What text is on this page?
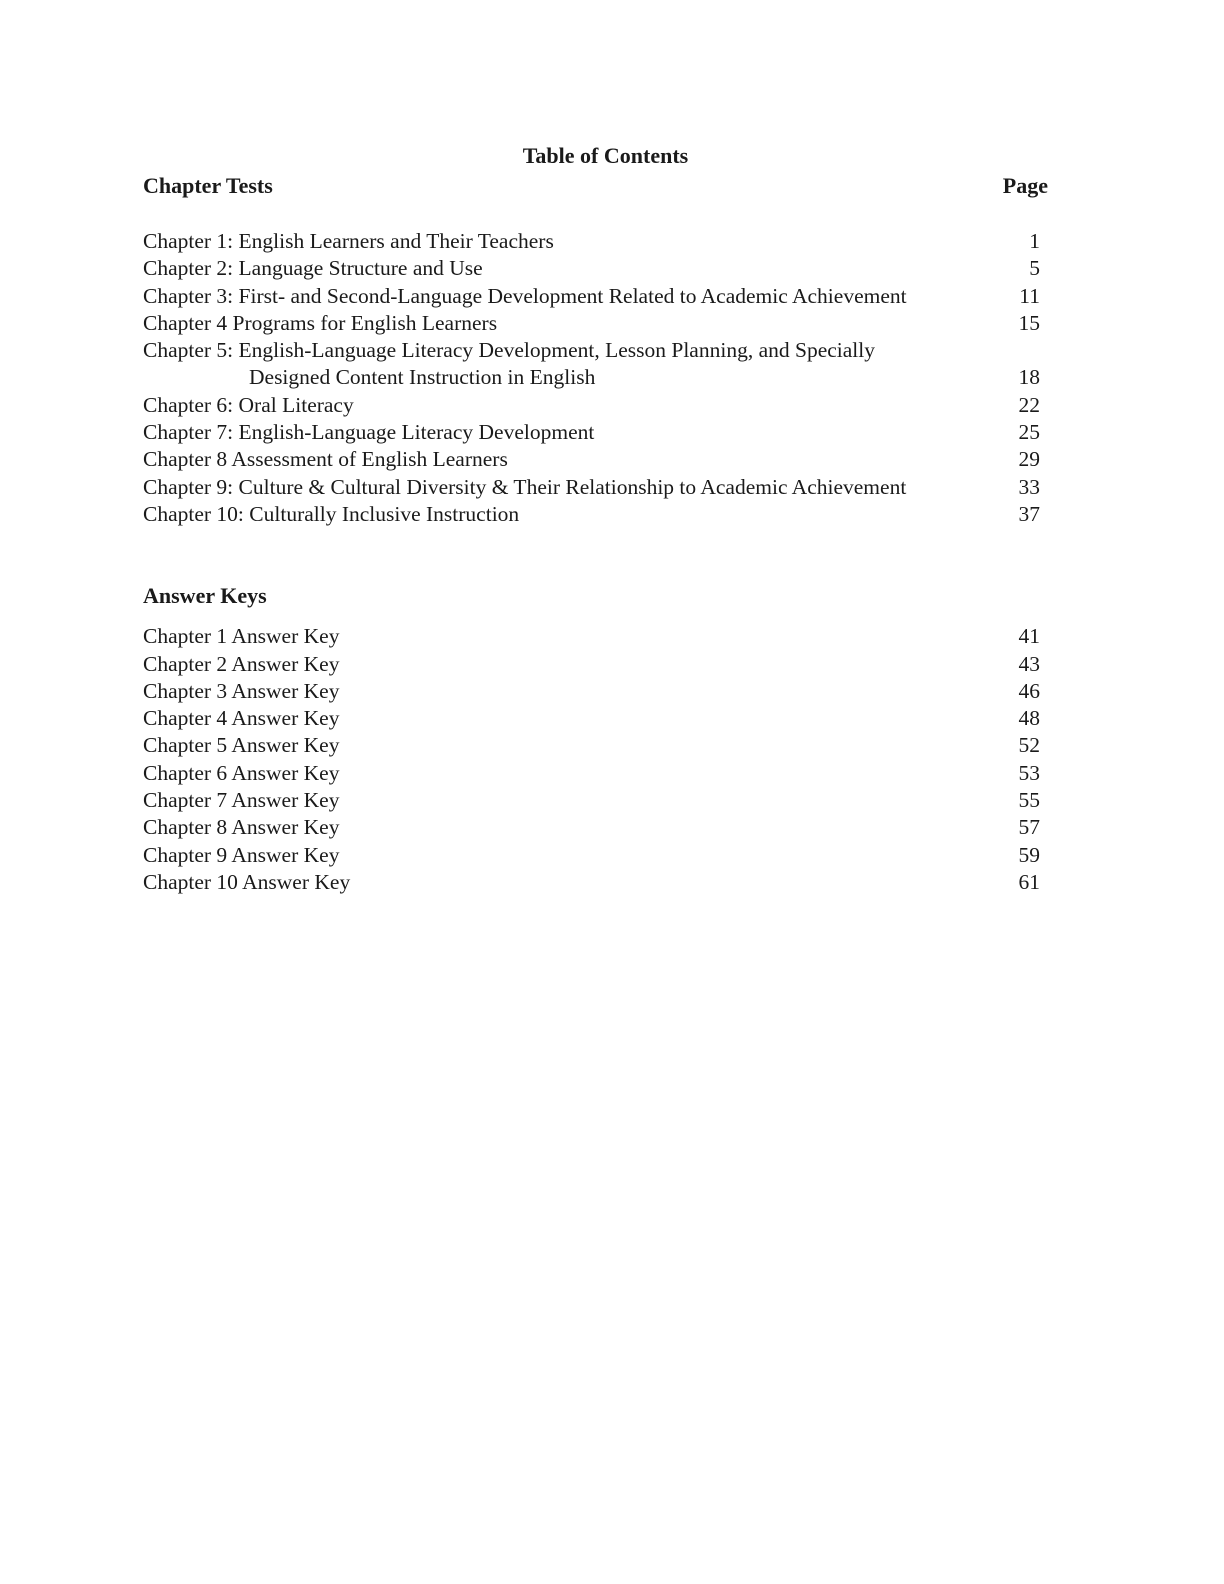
Table of Contents
Chapter Tests	Page
Chapter 1: English Learners and Their Teachers	1
Chapter 2: Language Structure and Use	5
Chapter 3: First- and Second-Language Development Related to Academic Achievement	11
Chapter 4 Programs for English Learners	15
Chapter 5: English-Language Literacy Development, Lesson Planning, and Specially
Designed Content Instruction in English	18
Chapter 6: Oral Literacy	22
Chapter 7: English-Language Literacy Development	25
Chapter 8 Assessment of English Learners	29
Chapter 9: Culture & Cultural Diversity & Their Relationship to Academic Achievement	33
Chapter 10: Culturally Inclusive Instruction	37
Answer Keys
Chapter 1 Answer Key	41
Chapter 2 Answer Key	43
Chapter 3 Answer Key	46
Chapter 4 Answer Key	48
Chapter 5 Answer Key	52
Chapter 6 Answer Key	53
Chapter 7 Answer Key	55
Chapter 8 Answer Key	57
Chapter 9 Answer Key	59
Chapter 10 Answer Key	61
